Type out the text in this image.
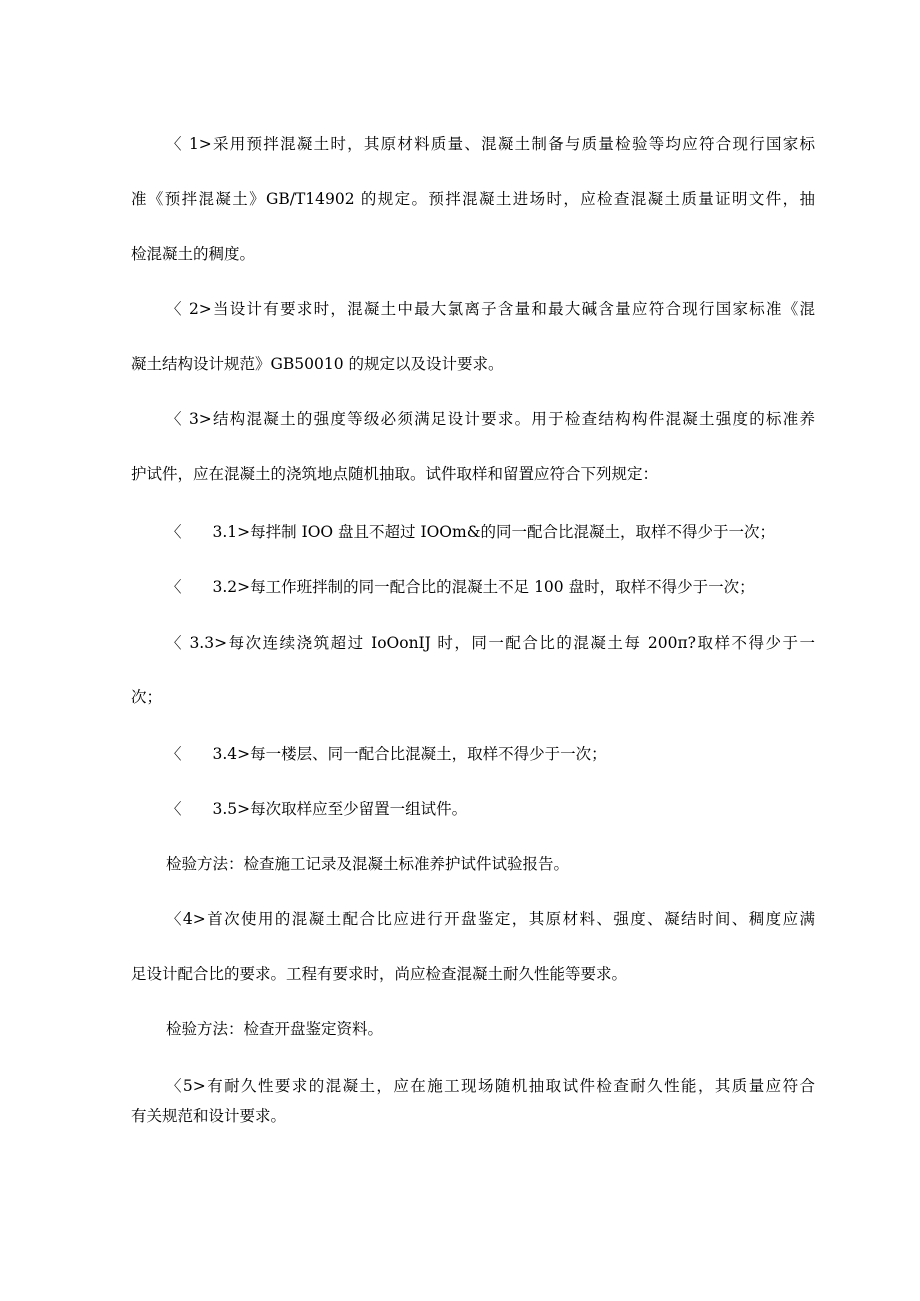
〈 1>采用预拌混凝土时，其原材料质量、混凝土制备与质量检验等均应符合现行国家标
准《预拌混凝土》GB/T14902 的规定。预拌混凝土进场时，应检查混凝土质量证明文件，抽
检混凝土的稠度。
〈 2>当设计有要求时，混凝土中最大氯离子含量和最大碱含量应符合现行国家标准《混
凝土结构设计规范》GB50010 的规定以及设计要求。
〈 3>结构混凝土的强度等级必须满足设计要求。用于检查结构构件混凝土强度的标准养
护试件，应在混凝土的浇筑地点随机抽取。试件取样和留置应符合下列规定：
〈　　3.1>每拌制 IOO 盘且不超过 IOOm&的同一配合比混凝土，取样不得少于一次；
〈　　3.2>每工作班拌制的同一配合比的混凝土不足 100 盘时，取样不得少于一次；
〈 3.3>每次连续浇筑超过 IoOonIJ 时，同一配合比的混凝土每 200π?取样不得少于一
次；
〈　　3.4>每一楼层、同一配合比混凝土，取样不得少于一次；
〈　　3.5>每次取样应至少留置一组试件。
检验方法：检查施工记录及混凝土标准养护试件试验报告。
〈4>首次使用的混凝土配合比应进行开盘鉴定，其原材料、强度、凝结时间、稠度应满
足设计配合比的要求。工程有要求时，尚应检查混凝土耐久性能等要求。
检验方法：检查开盘鉴定资料。
〈5>有耐久性要求的混凝土，应在施工现场随机抽取试件检查耐久性能，其质量应符合
有关规范和设计要求。
